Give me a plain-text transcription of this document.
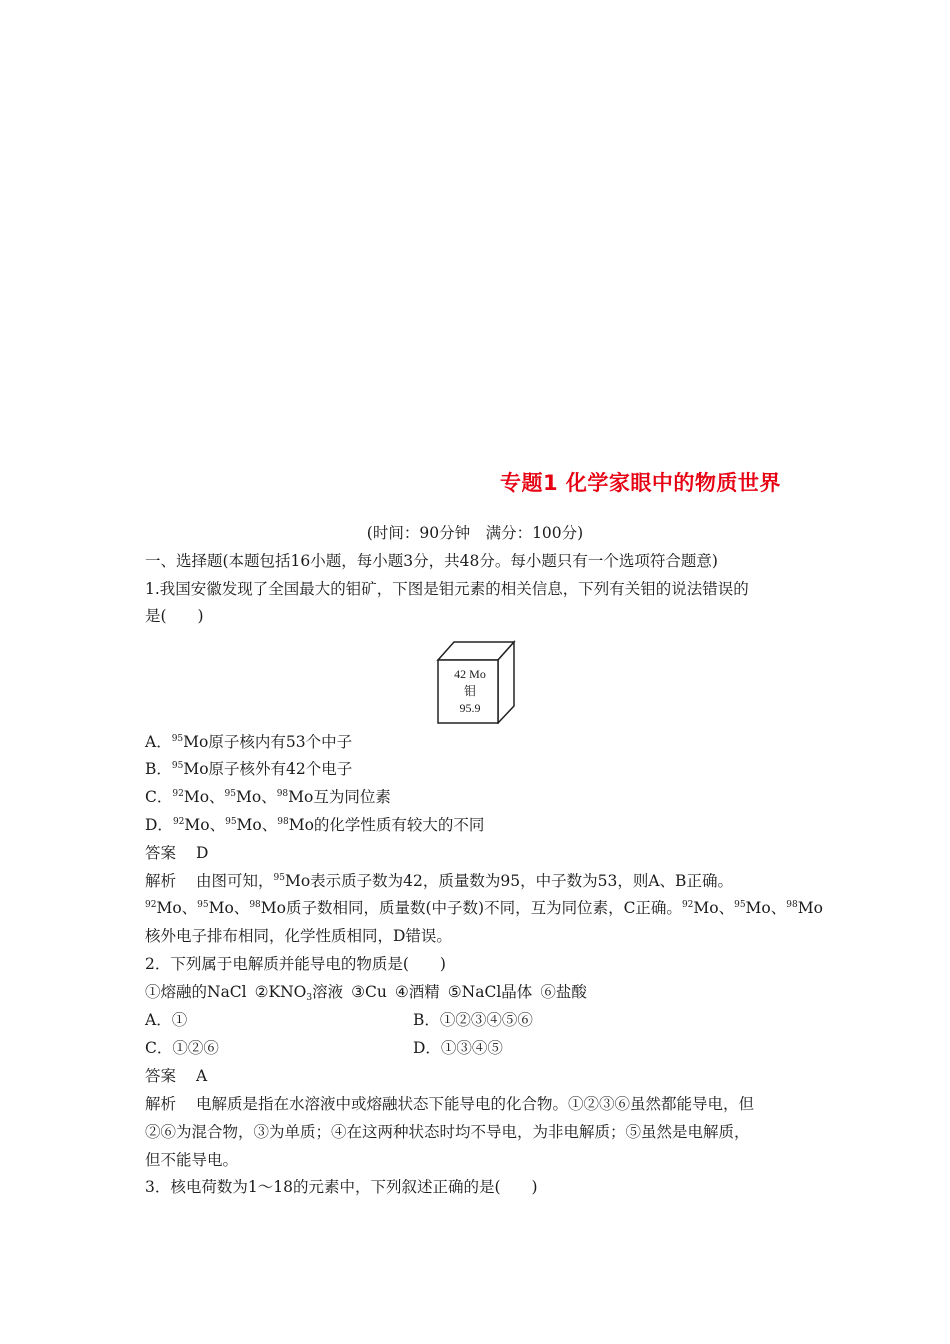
专题1 化学家眼中的物质世界
(时间：90分钟　满分：100分)
一、选择题(本题包括16小题，每小题3分，共48分。每小题只有一个选项符合题意)
1.我国安徽发现了全国最大的钼矿，下图是钼元素的相关信息，下列有关钼的说法错误的
是(　　)
42 Mo
钼
95.9
A．$^{95}$Mo原子核内有53个中子
B．$^{95}$Mo原子核外有42个电子
C．$^{92}$Mo、$^{95}$Mo、$^{98}$Mo互为同位素
D．$^{92}$Mo、$^{95}$Mo、$^{98}$Mo的化学性质有较大的不同
答案 D
解析 由图可知，$^{95}$Mo表示质子数为42，质量数为95，中子数为53，则A、B正确。
$^{92}$Mo、$^{95}$Mo、$^{98}$Mo质子数相同，质量数(中子数)不同，互为同位素，C正确。$^{92}$Mo、$^{95}$Mo、$^{98}$Mo
核外电子排布相同，化学性质相同，D错误。
2．下列属于电解质并能导电的物质是(　　)
①熔融的NaCl $②KNO_3$溶液 ③Cu ④酒精 ⑤NaCl晶体 ⑥盐酸
A．①	B．①②③④⑤⑥
C．①②⑥	D．①③④⑤
答案 A
解析 电解质是指在水溶液中或熔融状态下能导电的化合物。①②③⑥虽然都能导电，但
②⑥为混合物，③为单质；④在这两种状态时均不导电，为非电解质；⑤虽然是电解质，
但不能导电。
3．核电荷数为1～18的元素中，下列叙述正确的是(　　)
